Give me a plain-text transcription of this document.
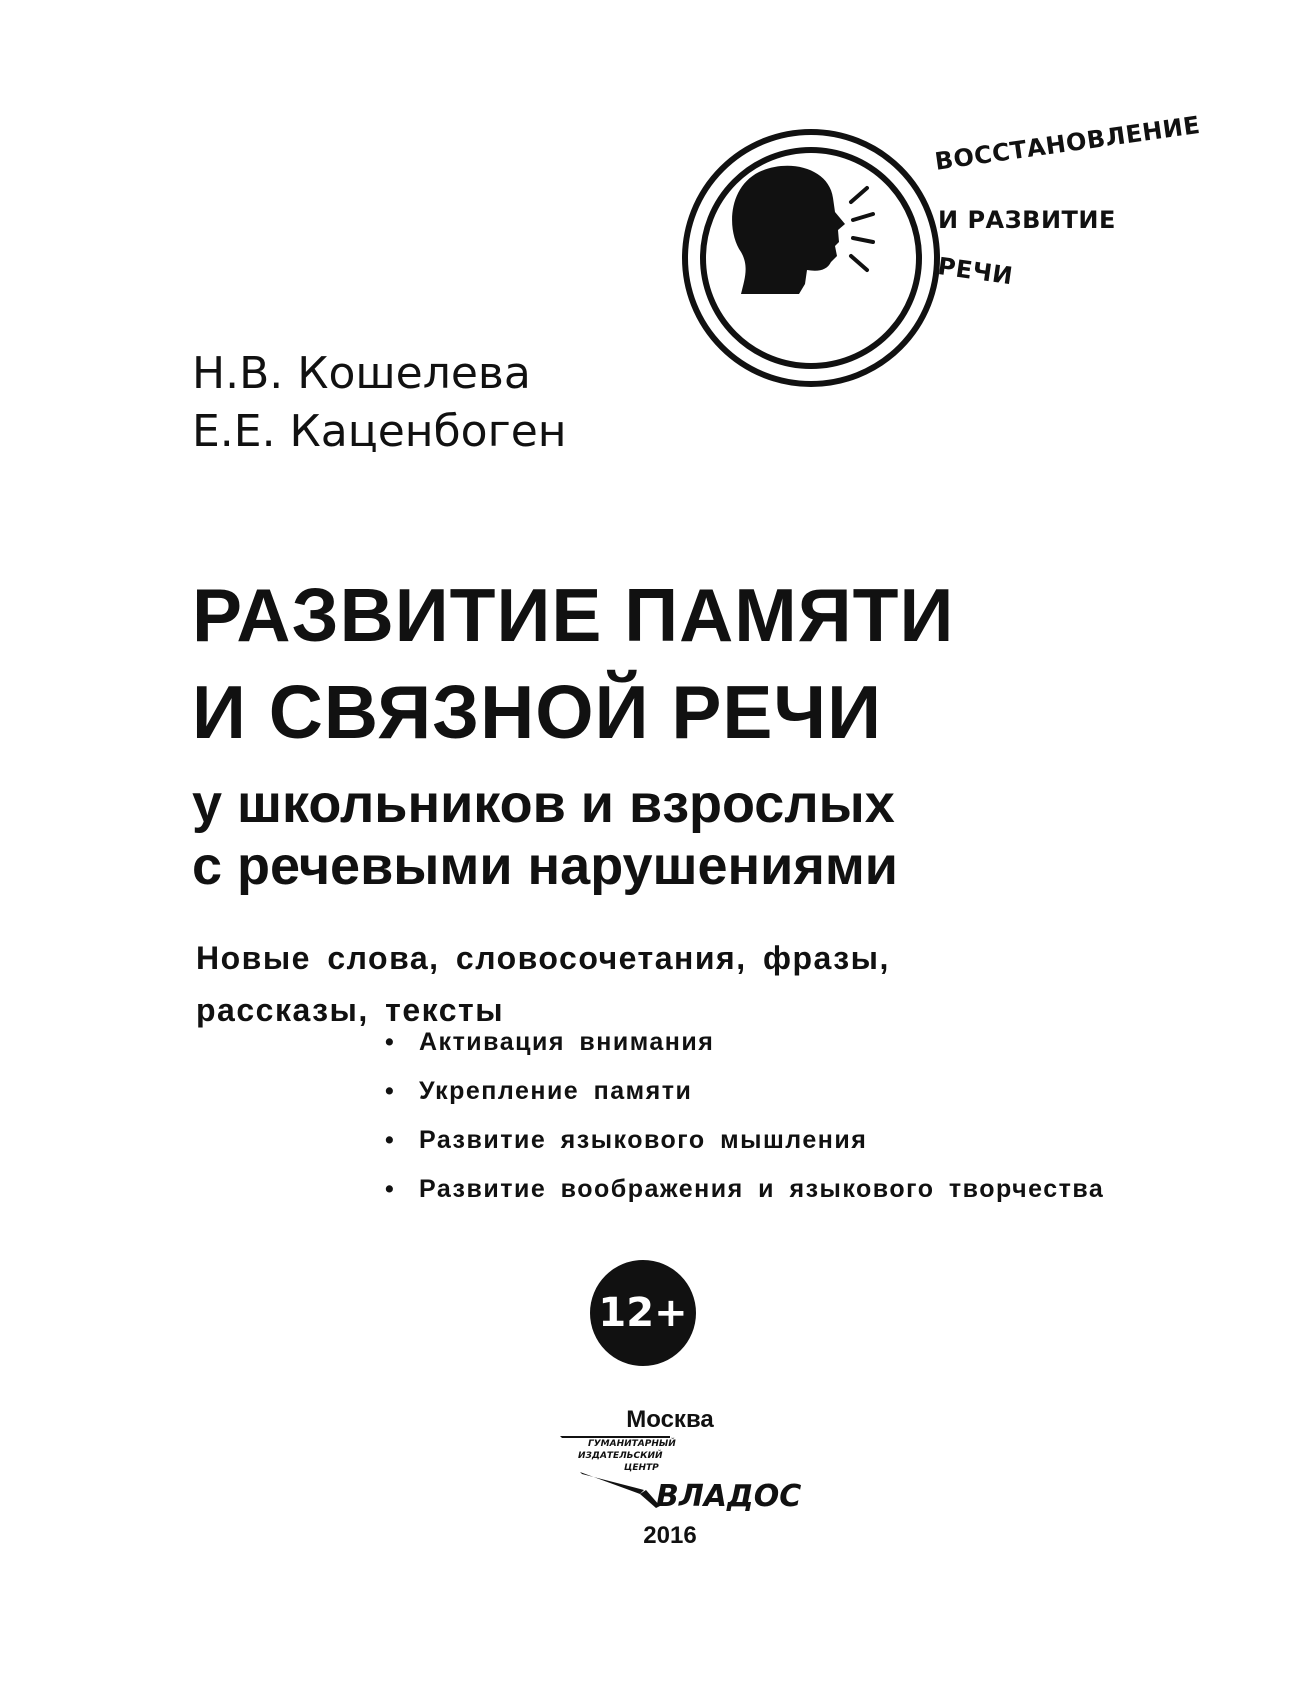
ВОССТАНОВЛЕНИЕ
И РАЗВИТИЕ
РЕЧИ
Н.В. Кошелева
Е.Е. Каценбоген
РАЗВИТИЕ ПАМЯТИ
И СВЯЗНОЙ РЕЧИ
у школьников и взрослых
с речевыми нарушениями
Новые слова, словосочетания, фразы,
рассказы, тексты
• Активация внимания
• Укрепление памяти
• Развитие языкового мышления
• Развитие воображения и языкового творчества
12+
Москва
ГУМАНИТАРНЫЙ
ИЗДАТЕЛЬСКИЙ
ЦЕНТР
ВЛАДОС
2016
